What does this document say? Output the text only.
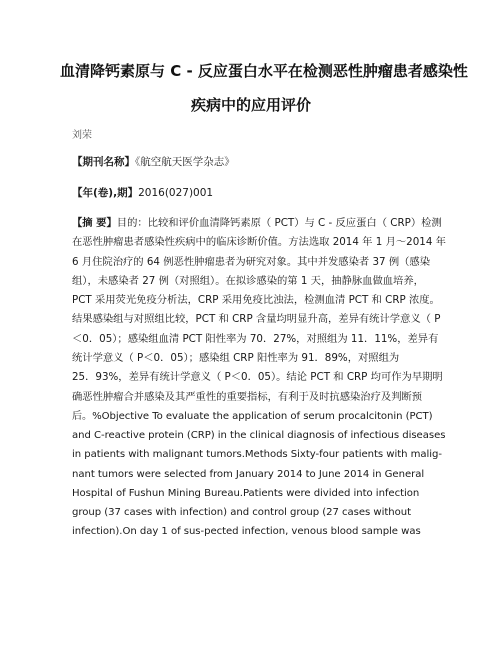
血清降钙素原与 C - 反应蛋白水平在检测恶性肿瘤患者感染性
疾病中的应用评价
刘荣
【期刊名称】《航空航天医学杂志》
【年(卷),期】2016(027)001
【摘 要】目的：比较和评价血清降钙素原（ PCT）与 C - 反应蛋白（ CRP）检测
在恶性肿瘤患者感染性疾病中的临床诊断价值。方法选取 2014 年 1 月～2014 年
6 月住院治疗的 64 例恶性肿瘤患者为研究对象。其中并发感染者 37 例（感染
组），未感染者 27 例（对照组）。在拟诊感染的第 1 天，抽静脉血做血培养，
PCT 采用荧光免疫分析法，CRP 采用免疫比浊法，检测血清 PCT 和 CRP 浓度。
结果感染组与对照组比较，PCT 和 CRP 含量均明显升高，差异有统计学意义（ P
＜0．05）；感染组血清 PCT 阳性率为 70．27%，对照组为 11．11%，差异有
统计学意义（ P＜0．05）；感染组 CRP 阳性率为 91．89%，对照组为
25．93%，差异有统计学意义（ P＜0．05）。结论 PCT 和 CRP 均可作为早期明
确恶性肿瘤合并感染及其严重性的重要指标，有利于及时抗感染治疗及判断预
后。%Objective To evaluate the application of serum procalcitonin (PCT)
and C-reactive protein (CRP) in the clinical diagnosis of infectious diseases
in patients with malignant tumors.Methods Sixty-four patients with malig-
nant tumors were selected from January 2014 to June 2014 in General
Hospital of Fushun Mining Bureau.Patients were divided into infection
group (37 cases with infection) and control group (27 cases without
infection).On day 1 of sus-pected infection, venous blood sample was
